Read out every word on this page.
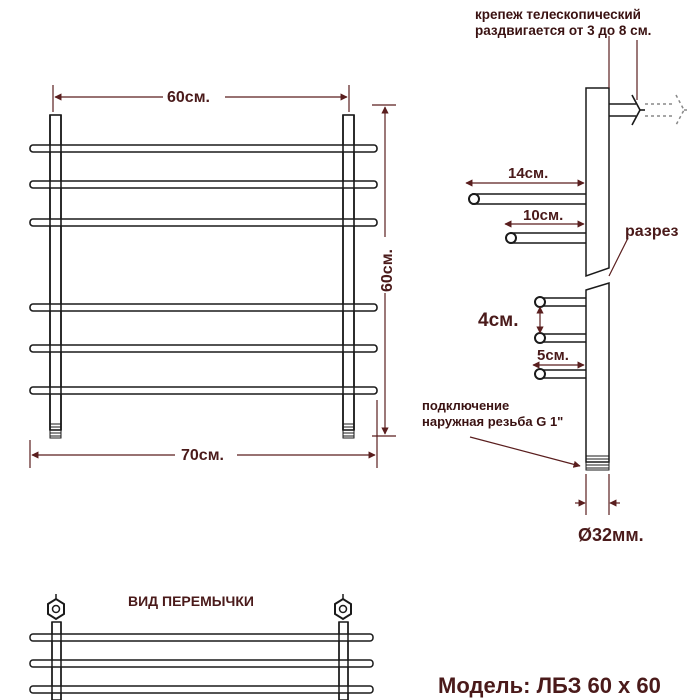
60см.
60см.
70см.
крепеж телескопический
раздвигается от 3 до 8 см.
14см.
10см.
разрез
4см.
5см.
подключение
наружная резьба G 1"
Ø32мм.
ВИД ПЕРЕМЫЧКИ
Модель: ЛБЗ 60 х 60
